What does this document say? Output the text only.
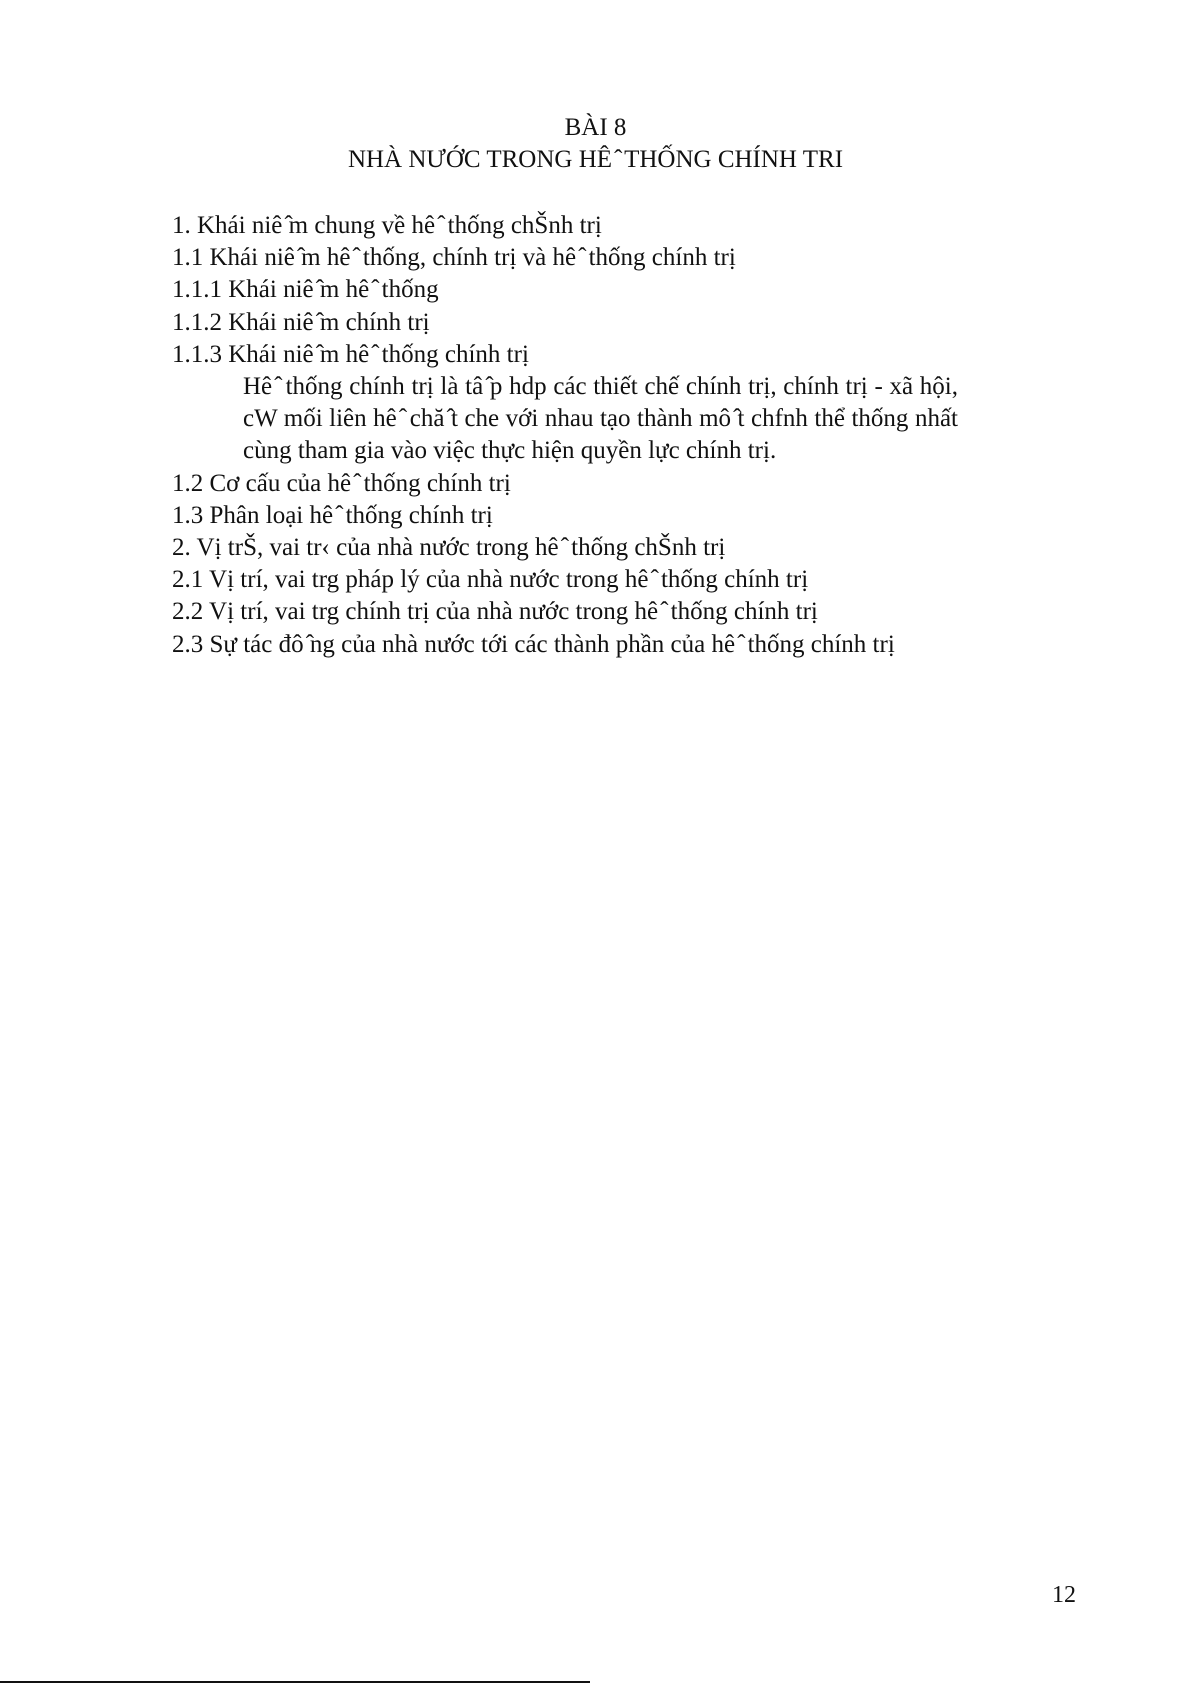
BÀI 8
NHÀ NƯỚC TRONG HÊ ̂ THỐNG CHÍNH TRI
1. Khái niê ̂m chung về hê ̂ thống chŠnh trị
1.1 Khái niê ̂m hê ̂ thống, chính trị và hê ̂ thống chính trị
1.1.1 Khái niê ̂m hê ̂ thống
1.1.2 Khái niê ̂m chính trị
1.1.3 Khái niê ̂m hê ̂ thống chính trị
Hê ̂ thống chính trị là tâ ̂p hdp các thiết chế chính trị, chính trị - xã hội, cW mối liên hê ̂ chă ̂t che với nhau tạo thành mô ̂t chfnh thể thống nhất cùng tham gia vào việc thực hiện quyền lực chính trị.
1.2 Cơ cấu của hê ̂ thống chính trị
1.3 Phân loại hê ̂ thống chính trị
2. Vị trŠ, vai tr‹ của nhà nước trong hê ̂ thống chŠnh trị
2.1 Vị trí, vai trg pháp lý của nhà nước trong hê ̂ thống chính trị
2.2 Vị trí, vai trg chính trị của nhà nước trong hê ̂ thống chính trị
2.3 Sự tác đô ̂ng của nhà nước tới các thành phần của hê ̂ thống chính trị
12
